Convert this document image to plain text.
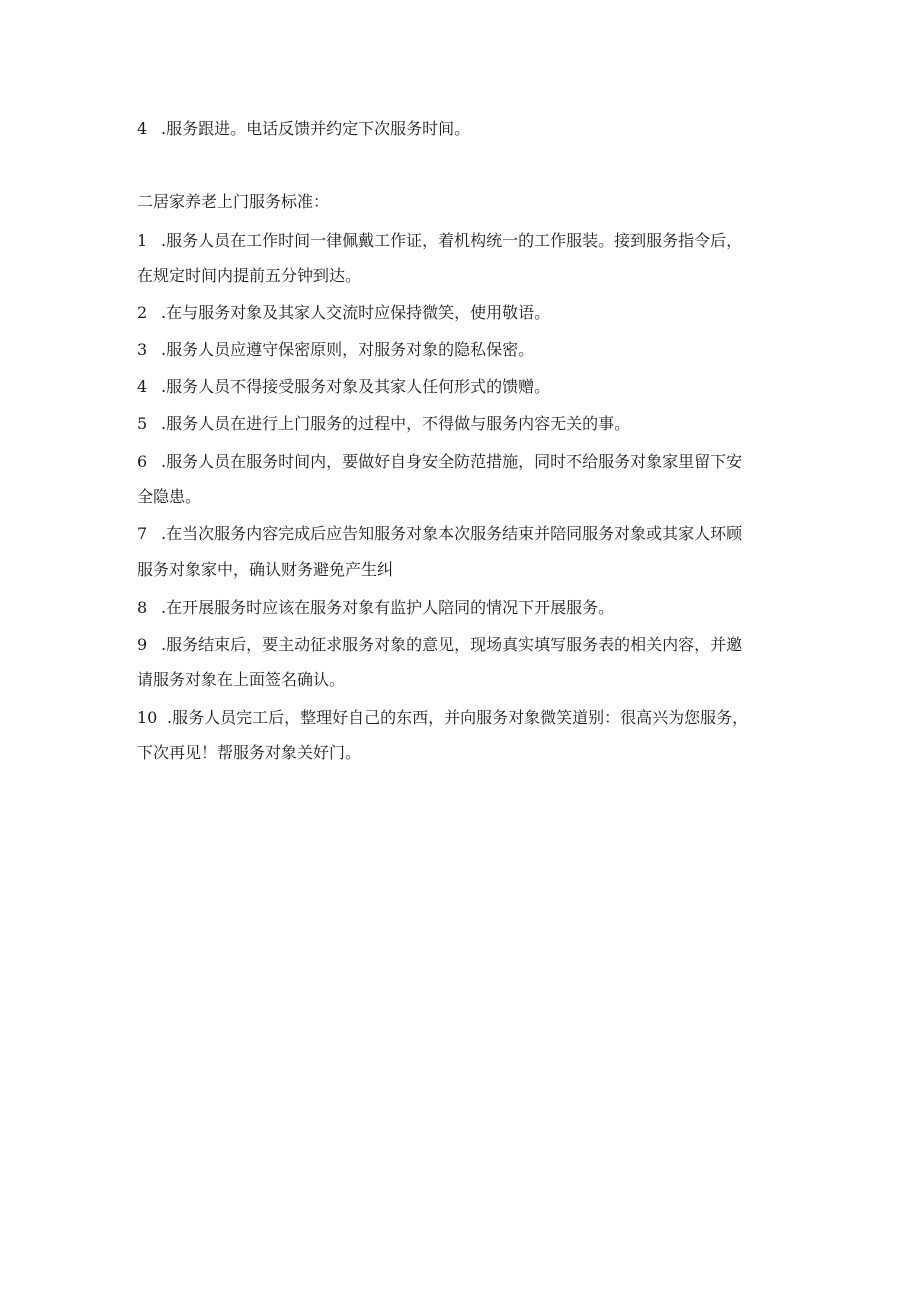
4 .服务跟进。电话反馈并约定下次服务时间。
二居家养老上门服务标准：
1 .服务人员在工作时间一律佩戴工作证，着机构统一的工作服装。接到服务指令后，
在规定时间内提前五分钟到达。
2 .在与服务对象及其家人交流时应保持微笑，使用敬语。
3 .服务人员应遵守保密原则，对服务对象的隐私保密。
4 .服务人员不得接受服务对象及其家人任何形式的馈赠。
5 .服务人员在进行上门服务的过程中，不得做与服务内容无关的事。
6 .服务人员在服务时间内，要做好自身安全防范措施，同时不给服务对象家里留下安
全隐患。
7 .在当次服务内容完成后应告知服务对象本次服务结束并陪同服务对象或其家人环顾
服务对象家中，确认财务避免产生纠
8 .在开展服务时应该在服务对象有监护人陪同的情况下开展服务。
9 .服务结束后，要主动征求服务对象的意见，现场真实填写服务表的相关内容，并邀
请服务对象在上面签名确认。
10 .服务人员完工后，整理好自己的东西，并向服务对象微笑道别：很高兴为您服务，
下次再见！帮服务对象关好门。
